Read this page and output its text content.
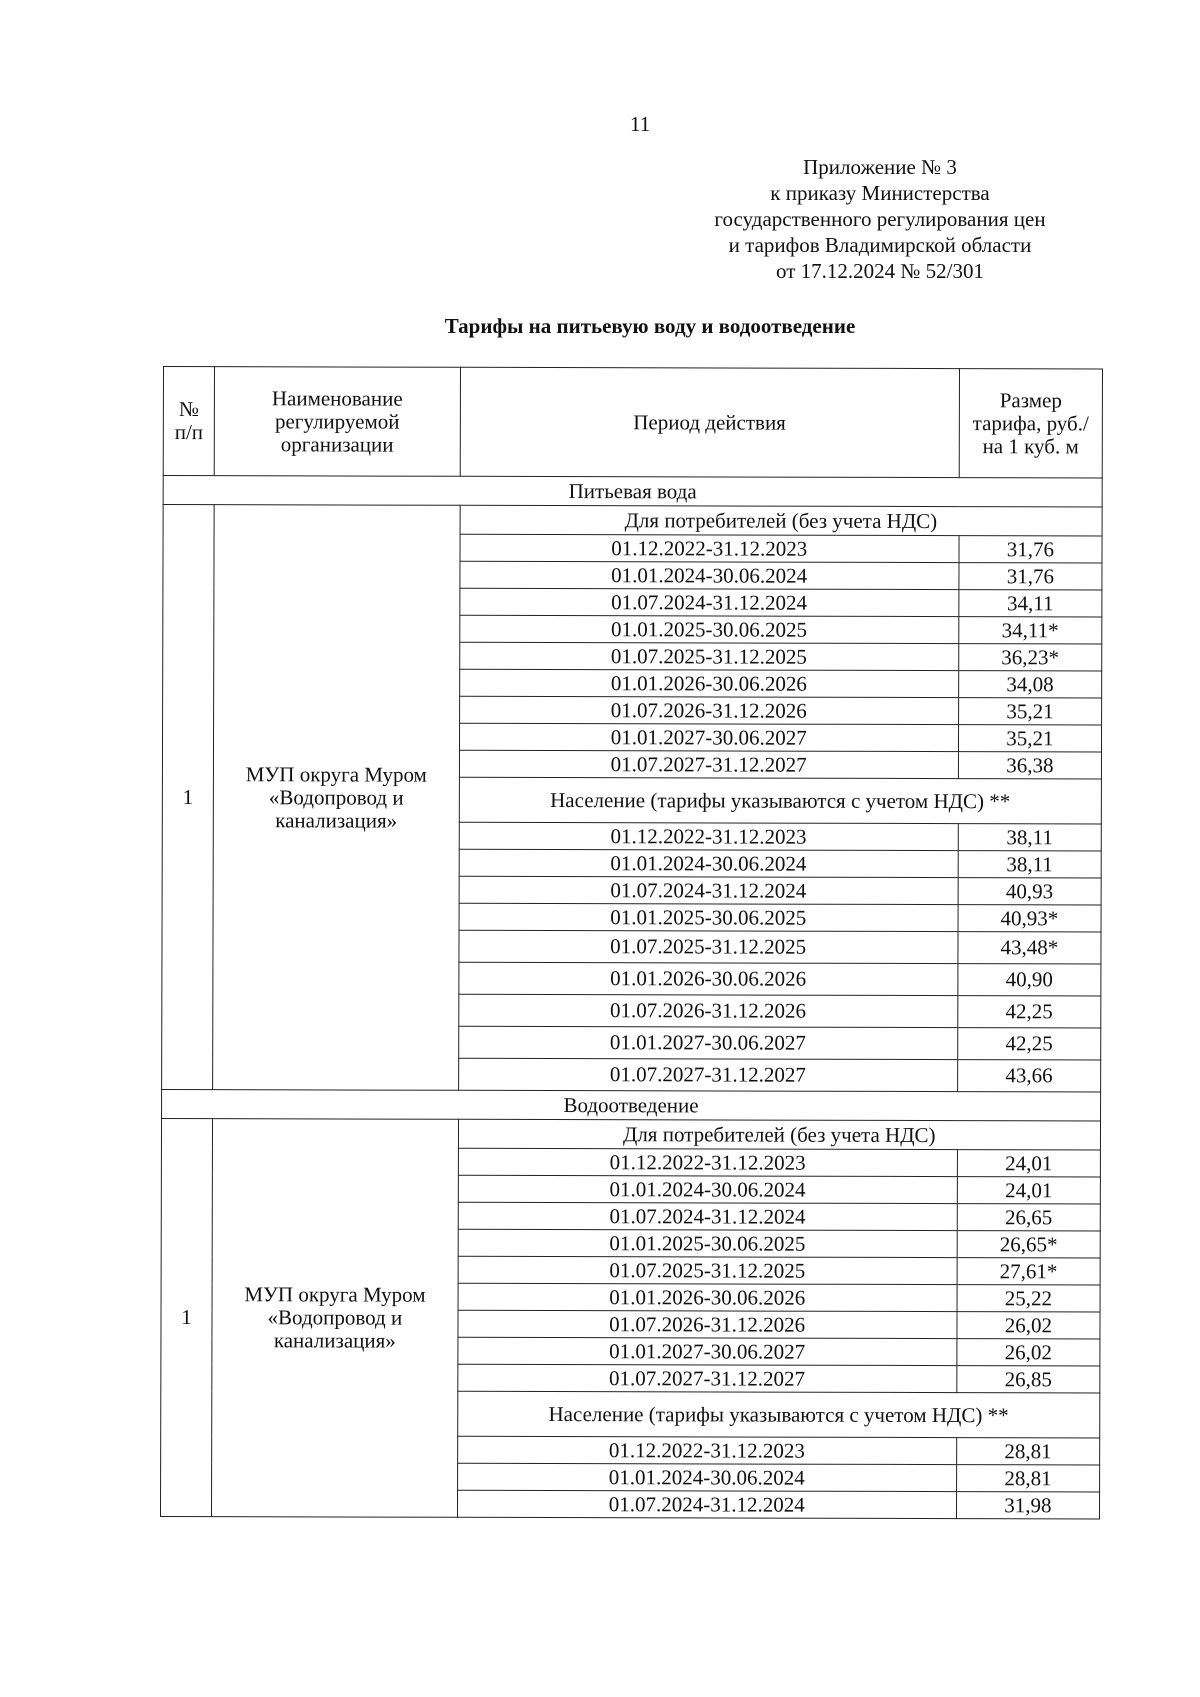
11
Приложение № 3
к приказу Министерства
государственного регулирования цен
и тарифов Владимирской области
от 17.12.2024 № 52/301
Тарифы на питьевую воду и водоотведение
№ п/п	Наименование регулируемой организации	Период действия	Размер тарифа, руб./на 1 куб. м
Питьевая вода			
1	МУП округа Муром «Водопровод и канализация»	Для потребителей (без учета НДС)	
		01.12.2022-31.12.2023	31,76
		01.01.2024-30.06.2024	31,76
		01.07.2024-31.12.2024	34,11
		01.01.2025-30.06.2025	34,11*
		01.07.2025-31.12.2025	36,23*
		01.01.2026-30.06.2026	34,08
		01.07.2026-31.12.2026	35,21
		01.01.2027-30.06.2027	35,21
		01.07.2027-31.12.2027	36,38
		Население (тарифы указываются с учетом НДС) **	
		01.12.2022-31.12.2023	38,11
		01.01.2024-30.06.2024	38,11
		01.07.2024-31.12.2024	40,93
		01.01.2025-30.06.2025	40,93*
		01.07.2025-31.12.2025	43,48*
		01.01.2026-30.06.2026	40,90
		01.07.2026-31.12.2026	42,25
		01.01.2027-30.06.2027	42,25
		01.07.2027-31.12.2027	43,66
Водоотведение			
1	МУП округа Муром «Водопровод и канализация»	Для потребителей (без учета НДС)	
		01.12.2022-31.12.2023	24,01
		01.01.2024-30.06.2024	24,01
		01.07.2024-31.12.2024	26,65
		01.01.2025-30.06.2025	26,65*
		01.07.2025-31.12.2025	27,61*
		01.01.2026-30.06.2026	25,22
		01.07.2026-31.12.2026	26,02
		01.01.2027-30.06.2027	26,02
		01.07.2027-31.12.2027	26,85
		Население (тарифы указываются с учетом НДС) **	
		01.12.2022-31.12.2023	28,81
		01.01.2024-30.06.2024	28,81
		01.07.2024-31.12.2024	31,98
